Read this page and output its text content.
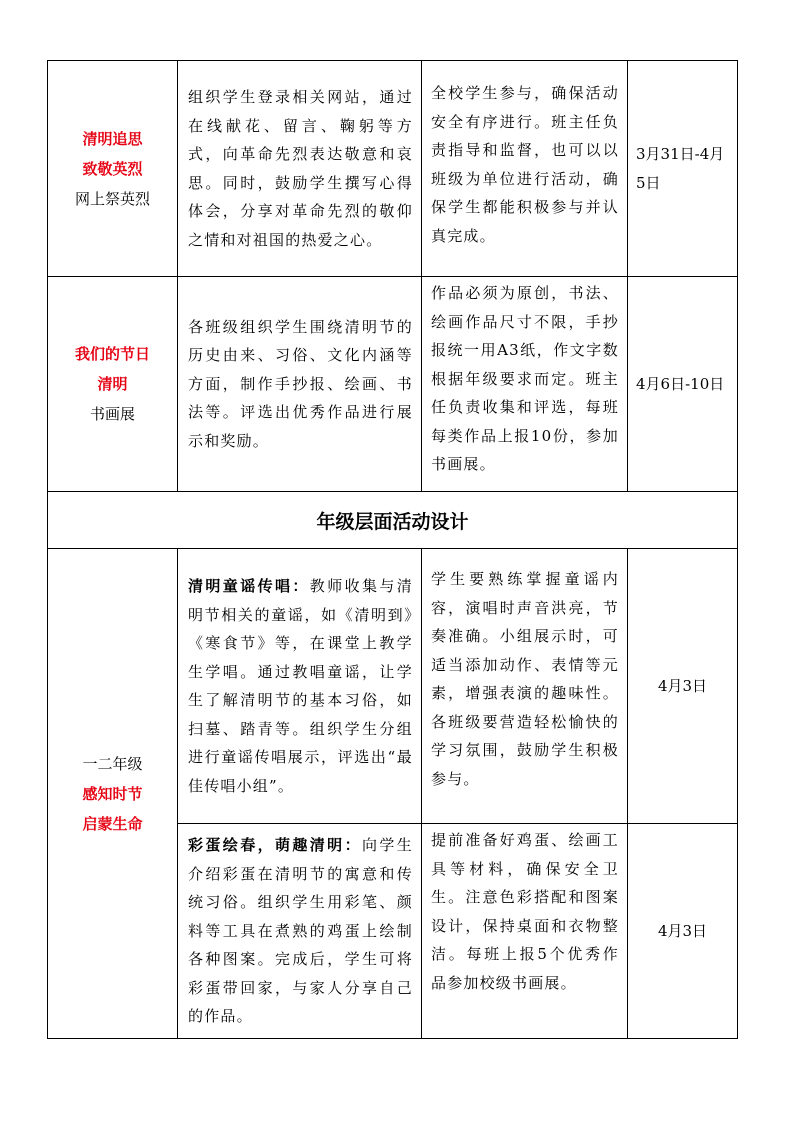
清明追思
致敬英烈
网上祭英烈	组织学生登录相关网站，通过在线献花、留言、鞠躬等方式，向革命先烈表达敬意和哀思。同时，鼓励学生撰写心得体会，分享对革命先烈的敬仰之情和对祖国的热爱之心。	全校学生参与，确保活动安全有序进行。班主任负责指导和监督，也可以以班级为单位进行活动，确保学生都能积极参与并认真完成。	3月31日-4月5日

我们的节日
清明
书画展	各班级组织学生围绕清明节的历史由来、习俗、文化内涵等方面，制作手抄报、绘画、书法等。评选出优秀作品进行展示和奖励。	作品必须为原创，书法、绘画作品尺寸不限，手抄报统一用A3纸，作文字数根据年级要求而定。班主任负责收集和评选，每班每类作品上报10份，参加书画展。	4月6日-10日
年级层面活动设计			

一二年级
感知时节
启蒙生命	清明童谣传唱：教师收集与清明节相关的童谣，如《清明到》《寒食节》等，在课堂上教学生学唱。通过教唱童谣，让学生了解清明节的基本习俗，如扫墓、踏青等。组织学生分组进行童谣传唱展示，评选出“最佳传唱小组”。	学生要熟练掌握童谣内容，演唱时声音洪亮，节奏准确。小组展示时，可适当添加动作、表情等元素，增强表演的趣味性。各班级要营造轻松愉快的学习氛围，鼓励学生积极参与。	4月3日
	彩蛋绘春，萌趣清明：向学生介绍彩蛋在清明节的寓意和传统习俗。组织学生用彩笔、颜料等工具在煮熟的鸡蛋上绘制各种图案。完成后，学生可将彩蛋带回家，与家人分享自己的作品。	提前准备好鸡蛋、绘画工具等材料，确保安全卫生。注意色彩搭配和图案设计，保持桌面和衣物整洁。每班上报5个优秀作品参加校级书画展。	4月3日
